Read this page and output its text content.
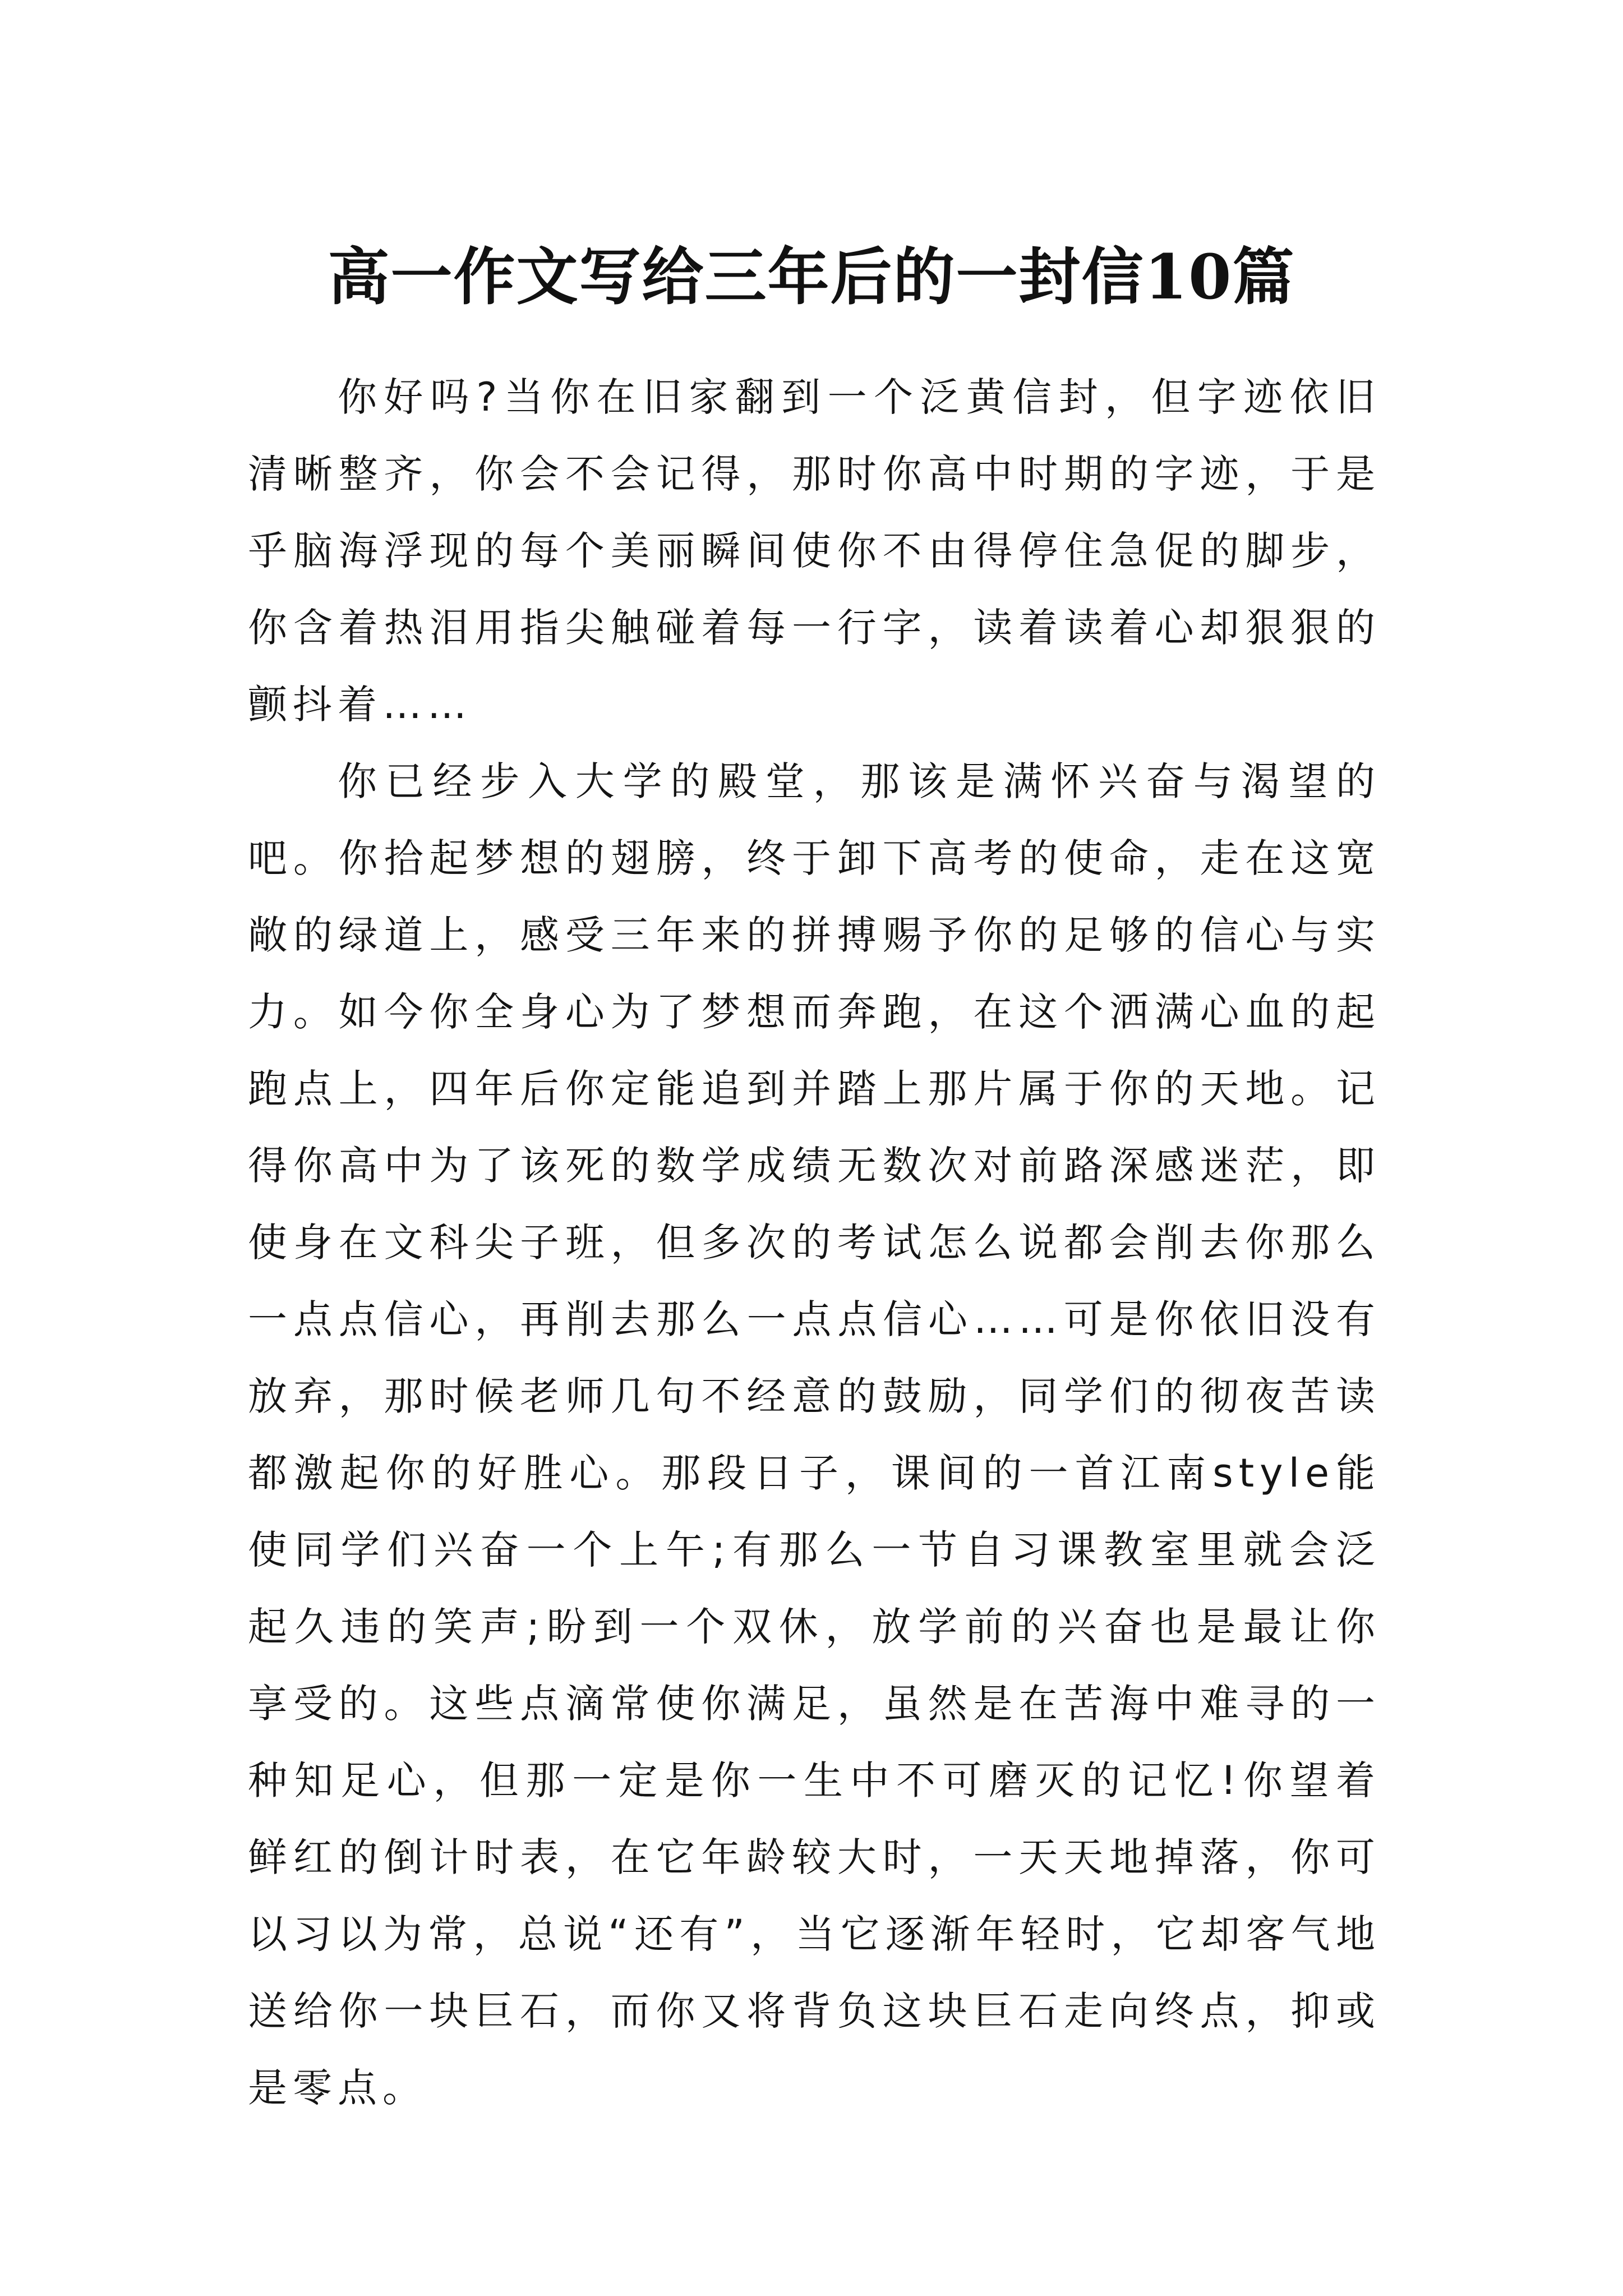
高一作文写给三年后的一封信10篇

你好吗?当你在旧家翻到一个泛黄信封，但字迹依旧清晰整齐，你会不会记得，那时你高中时期的字迹，于是乎脑海浮现的每个美丽瞬间使你不由得停住急促的脚步，你含着热泪用指尖触碰着每一行字，读着读着心却狠狠的颤抖着……

你已经步入大学的殿堂，那该是满怀兴奋与渴望的吧。你拾起梦想的翅膀，终于卸下高考的使命，走在这宽敞的绿道上，感受三年来的拼搏赐予你的足够的信心与实力。如今你全身心为了梦想而奔跑，在这个洒满心血的起跑点上，四年后你定能追到并踏上那片属于你的天地。记得你高中为了该死的数学成绩无数次对前路深感迷茫，即使身在文科尖子班，但多次的考试怎么说都会削去你那么一点点信心，再削去那么一点点信心……可是你依旧没有放弃，那时候老师几句不经意的鼓励，同学们的彻夜苦读都激起你的好胜心。那段日子，课间的一首江南style能使同学们兴奋一个上午;有那么一节自习课教室里就会泛起久违的笑声;盼到一个双休，放学前的兴奋也是最让你享受的。这些点滴常使你满足，虽然是在苦海中难寻的一种知足心，但那一定是你一生中不可磨灭的记忆!你望着鲜红的倒计时表，在它年龄较大时，一天天地掉落，你可以习以为常，总说“还有”，当它逐渐年轻时，它却客气地送给你一块巨石，而你又将背负这块巨石走向终点，抑或是零点。
